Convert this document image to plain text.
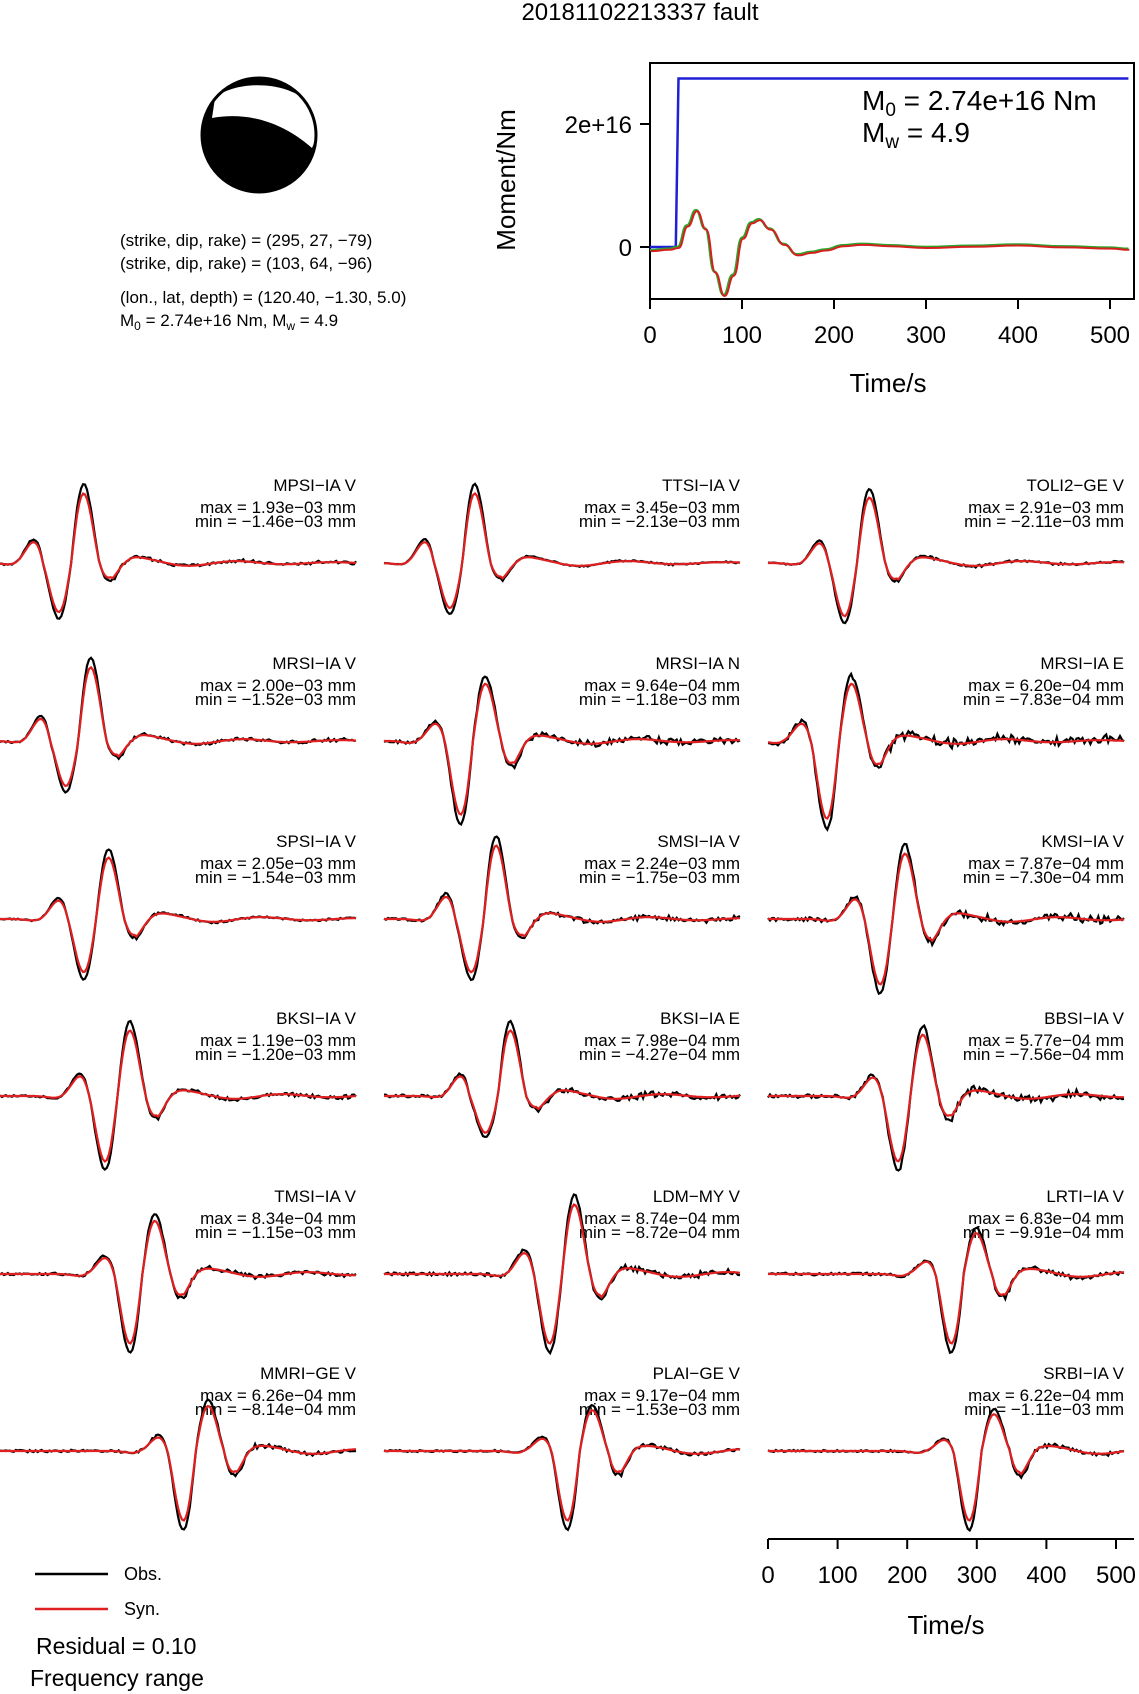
20181102213337 fault
(strike, dip, rake) = (295, 27, −79)
(strike, dip, rake) = (103, 64, −96)
(lon., lat, depth) = (120.40, −1.30, 5.0)
$M_0 = 2.74e+16$ Nm, $M_w = 4.9$
Moment/Nm
Time/s
$M_0 = 2.74e+16$ Nm
$M_w = 4.9$
0
2e+16
0	100 200 300 400 500
MPSI−IA V
max = 1.93e−03 mm
min = −1.46e−03 mm
TTSI−IA V
max = 3.45e−03 mm
min = −2.13e−03 mm
TOLI2−GE V
max = 2.91e−03 mm
min = −2.11e−03 mm
MRSI−IA V
max = 2.00e−03 mm
min = −1.52e−03 mm
MRSI−IA N
max = 9.64e−04 mm
min = −1.18e−03 mm
MRSI−IA E
max = 6.20e−04 mm
min = −7.83e−04 mm
SPSI−IA V
max = 2.05e−03 mm
min = −1.54e−03 mm
SMSI−IA V
max = 2.24e−03 mm
min = −1.75e−03 mm
KMSI−IA V
max = 7.87e−04 mm
min = −7.30e−04 mm
BKSI−IA V
max = 1.19e−03 mm
min = −1.20e−03 mm
BKSI−IA E
max = 7.98e−04 mm
min = −4.27e−04 mm
BBSI−IA V
max = 5.77e−04 mm
min = −7.56e−04 mm
TMSI−IA V
max = 8.34e−04 mm
min = −1.15e−03 mm
LDM−MY V
max = 8.74e−04 mm
min = −8.72e−04 mm
LRTI−IA V
max = 6.83e−04 mm
min = −9.91e−04 mm
MMRI−GE V
max = 6.26e−04 mm
min = −8.14e−04 mm
PLAI−GE V
max = 9.17e−04 mm
min = −1.53e−03 mm
SRBI−IA V
max = 6.22e−04 mm
min = −1.11e−03 mm
Time/s
0 100 200 300 400 500
Obs.
Syn.
Residual = 0.10
Frequency range
